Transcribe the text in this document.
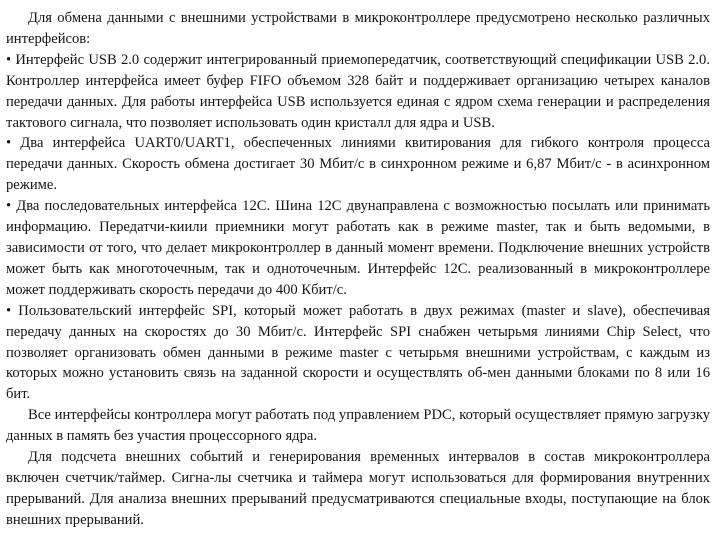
Для обмена данными с внешними устройствами в микроконтроллере предусмотрено несколько различных интерфейсов:

• Интерфейс USB 2.0 содержит интегрированный приемопередатчик, соответствующий спецификации USB 2.0. Контроллер интерфейса имеет буфер FIFO объемом 328 байт и поддерживает организацию четырех каналов передачи данных. Для работы интерфейса USB используется единая с ядром схема генерации и распределения тактового сигнала, что позволяет использовать один кристалл для ядра и USB.

• Два интерфейса UART0/UART1, обеспеченных линиями квитирования для гибкого контроля процесса передачи данных. Скорость обмена достигает 30 Мбит/с в синхронном режиме и 6,87 Мбит/с - в асинхронном режиме.

• Два последовательных интерфейса 12C. Шина 12C двунаправлена с возможностью посылать или принимать информацию. Передатчи-киили приемники могут работать как в режиме master, так и быть ведомыми, в зависимости от того, что делает микроконтроллер в данный момент времени. Подключение внешних устройств может быть как многоточечным, так и одноточечным. Интерфейс 12C. реализованный в микроконтроллере может поддерживать скорость передачи до 400 Кбит/с.

• Пользовательский интерфейс SPI, который может работать в двух режимах (master и slave), обеспечивая передачу данных на скоростях до 30 Мбит/с. Интерфейс SPI снабжен четырьмя линиями Chip Select, что позволяет организовать обмен данными в режиме master с четырьмя внешними устройствам, с каждым из которых можно установить связь на заданной скорости и осуществлять об-мен данными блоками по 8 или 16 бит.

Все интерфейсы контроллера могут работать под управлением PDC, который осуществляет прямую загрузку данных в память без участия процессорного ядра.

Для подсчета внешних событий и генерирования временных интервалов в состав микроконтроллера включен счетчик/таймер. Сигна-лы счетчика и таймера могут использоваться для формирования внутренних прерываний. Для анализа внешних прерываний предусматриваются специальные входы, поступающие на блок внешних прерываний.
